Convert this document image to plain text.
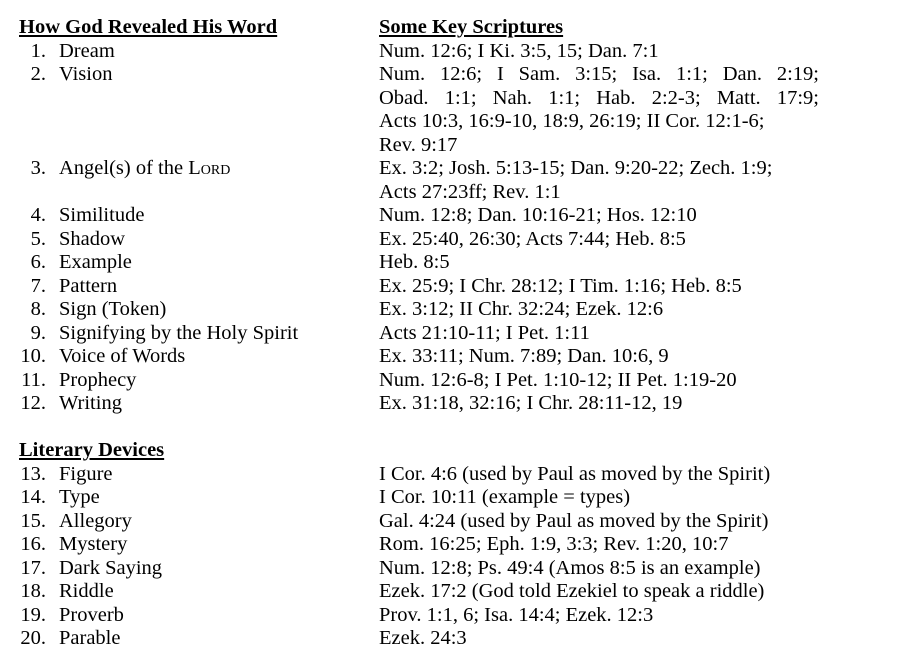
How God Revealed His Word	Some Key Scriptures
1. Dream	Num. 12:6; I Ki. 3:5, 15; Dan. 7:1
2. Vision	Num. 12:6; I Sam. 3:15; Isa. 1:1; Dan. 2:19;
Obad. 1:1; Nah. 1:1; Hab. 2:2-3; Matt. 17:9;
Acts 10:3, 16:9-10, 18:9, 26:19; II Cor. 12:1-6;
Rev. 9:17
3. Angel(s) of the Lord	Ex. 3:2; Josh. 5:13-15; Dan. 9:20-22; Zech. 1:9;
Acts 27:23ff; Rev. 1:1
4. Similitude	Num. 12:8; Dan. 10:16-21; Hos. 12:10
5. Shadow	Ex. 25:40, 26:30; Acts 7:44; Heb. 8:5
6. Example	Heb. 8:5
7. Pattern	Ex. 25:9; I Chr. 28:12; I Tim. 1:16; Heb. 8:5
8. Sign (Token)	Ex. 3:12; II Chr. 32:24; Ezek. 12:6
9. Signifying by the Holy Spirit	Acts 21:10-11; I Pet. 1:11
10. Voice of Words	Ex. 33:11; Num. 7:89; Dan. 10:6, 9
11. Prophecy	Num. 12:6-8; I Pet. 1:10-12; II Pet. 1:19-20
12. Writing	Ex. 31:18, 32:16; I Chr. 28:11-12, 19
Literary Devices
13. Figure	I Cor. 4:6 (used by Paul as moved by the Spirit)
14. Type	I Cor. 10:11 (example = types)
15. Allegory	Gal. 4:24 (used by Paul as moved by the Spirit)
16. Mystery	Rom. 16:25; Eph. 1:9, 3:3; Rev. 1:20, 10:7
17. Dark Saying	Num. 12:8; Ps. 49:4 (Amos 8:5 is an example)
18. Riddle	Ezek. 17:2 (God told Ezekiel to speak a riddle)
19. Proverb	Prov. 1:1, 6; Isa. 14:4; Ezek. 12:3
20. Parable	Ezek. 24:3
